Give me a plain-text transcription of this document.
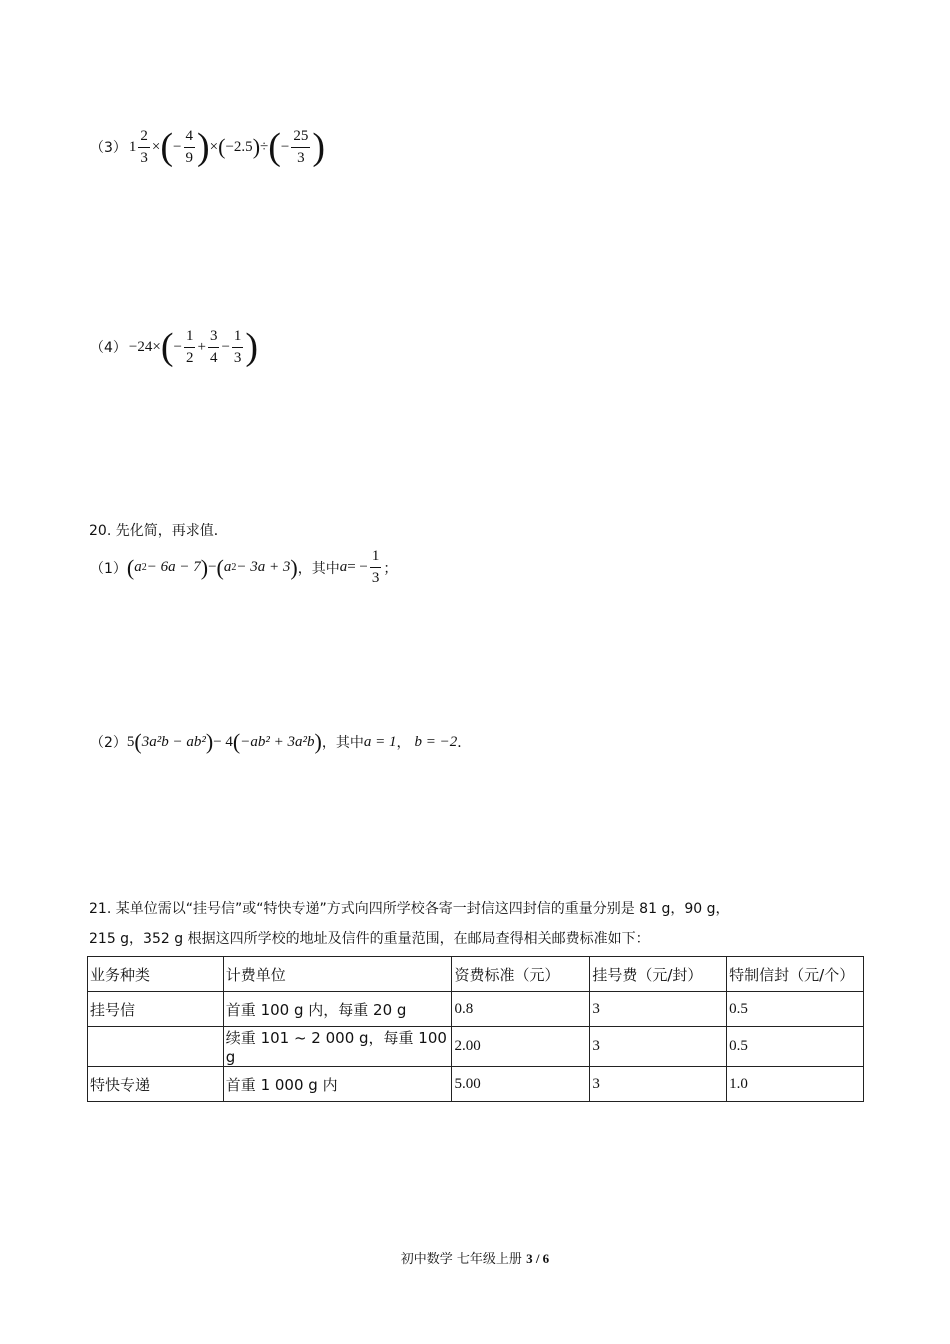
（3） $1 \frac{2}{3}$ × ( − $\frac{4}{9}$ ) × ( −2.5 ) ÷ ( − $\frac{25}{3}$ )
（4） −24× ( − $\frac{1}{2} + \frac{3}{4} - \frac{1}{3}$ )
20. 先化简，再求值．
（1） ( a 2 − 6a − 7 ) − ( a 2 − 3a + 3 ) ，其中 a = − $\frac{1}{3}$ ；
（2） 5 ( 3a²b − ab² ) − 4 ( −ab² + 3a²b ) ，其中 a = 1 ， b = −2 ．
21. 某单位需以“挂号信”或“特快专递”方式向四所学校各寄一封信这四封信的重量分别是 81 g，90 g，
215 g，352 g 根据这四所学校的地址及信件的重量范围，在邮局查得相关邮费标准如下：
业务种类	计费单位	资费标准（元）	挂号费（元/封）	特制信封（元/个）
挂号信	首重 100 g 内，每重 20 g	0.8	3	0.5
	续重 101 ~ 2 000 g，每重 100 g	2.00	3	0.5
特快专递	首重 1 000 g 内	5.00	3	1.0
初中数学 七年级上册 3 / 6
